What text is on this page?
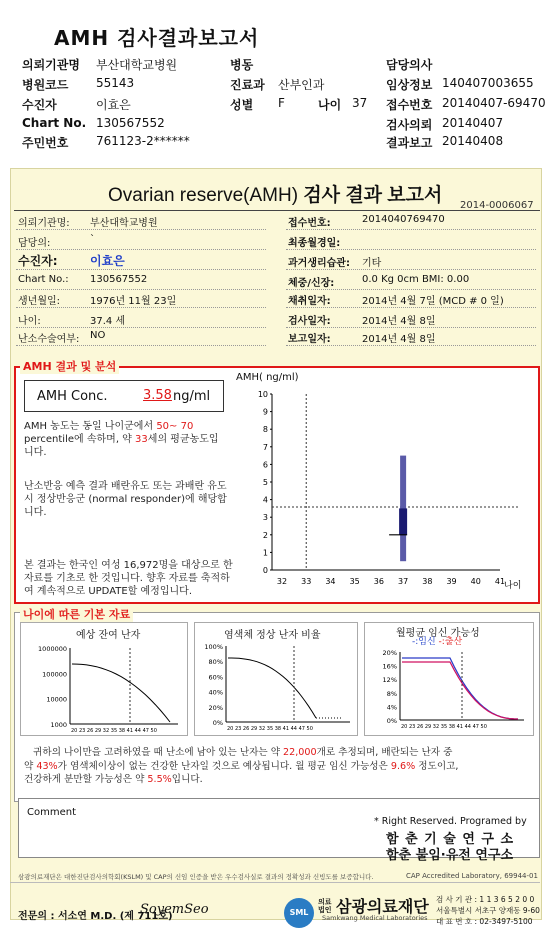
AMH 검사결과보고서
Ovarian reserve(AMH) 검사 결과 보고서 2014-0006067
AMH 결과 및 분석
AMH Conc.	3.58 ng/ml
AMH 농도는 동일 나이군에서 50~ 70 percentile에 속하며, 약 33세의 평균농도입니다.
난소반응 예측 결과 배란유도 또는 과배란 유도시 정상반응군 (normal responder)에 해당합니다.
본 결과는 한국인 여성 16,972명을 대상으로 한 자료를 기초로 한 것입니다. 향후 자료를 축적하여 계속적으로 UPDATE할 예정입니다.
AMH( ng/ml)
10
9
8
7
6
5
4
3
2
1
0
32 33 34 35 36 37 38 39 40 41
나이
나이에 따른 기본 자료
예상 잔여 난자
1000000
100000
10000
1000
20 23 26 29 32 35 38 41 44 47 50
염색체 정상 난자 비율
100%
80%
60%
40%
20%
0%
20 23 26 29 32 35 38 41 44 47 50
월평균 임신 가능성
-:임신 -:출산
20%
16%
12%
8%
4%
0%
20 23 26 29 32 35 38 41 44 47 50
귀하의 나이만을 고려하였을 때 난소에 남아 있는 난자는 약 22,000개로 추정되며, 배란되는 난자 중
약 43%가 염색체이상이 없는 건강한 난자일 것으로 예상됩니다. 월 평균 임신 가능성은 9.6% 정도이고,
건강하게 분만할 가능성은 약 5.5%입니다.
Comment
* Right Reserved. Programed by
함 춘 기 술 연 구 소
함춘 불임·유전 연구소
삼광의료재단은 대한진단검사의학회(KSLM) 및 CAP의 신임 인증을 받은 우수검사실로 결과의 정확성과 신빙도를 보증합니다.	CAP Accredited Laboratory, 69944-01
전문의 : 서소연 M.D. (제 711호)
SoyemSeo	SML
의료법인 삼광의료재단
Samkwang Medical Laboratories
검 사 기 관 : 1 1 3 6 5 2 0 0
서울특별시 서초구 양재동 9-60
대 표 번 호 : 02-3497-5100
의뢰기관명 부산대학교병원	병동	담당의사
병원코드 55143	진료과 산부인과	임상정보 140407003655
수진자	이효은	성별 F	나이 37 접수번호 20140407-69470
Chart No. 130567552	검사의뢰 20140407
주민번호 761123-2******	결과보고 20140408
의뢰기관명: 부산대학교병원
담당의:	`
수진자:	이효은
Chart No.: 130567552
생년월일:	1976년 11월 23일
나이:	37.4 세
난소수술여부: NO
접수번호:	2014040769470
최종월경일:
과거생리습관: 기타
체중/신장:	0.0 Kg 0cm BMI: 0.00
채취일자:	2014년 4월 7일 (MCD # 0 일)
검사일자:	2014년 4월 8일
보고일자:	2014년 4월 8일
